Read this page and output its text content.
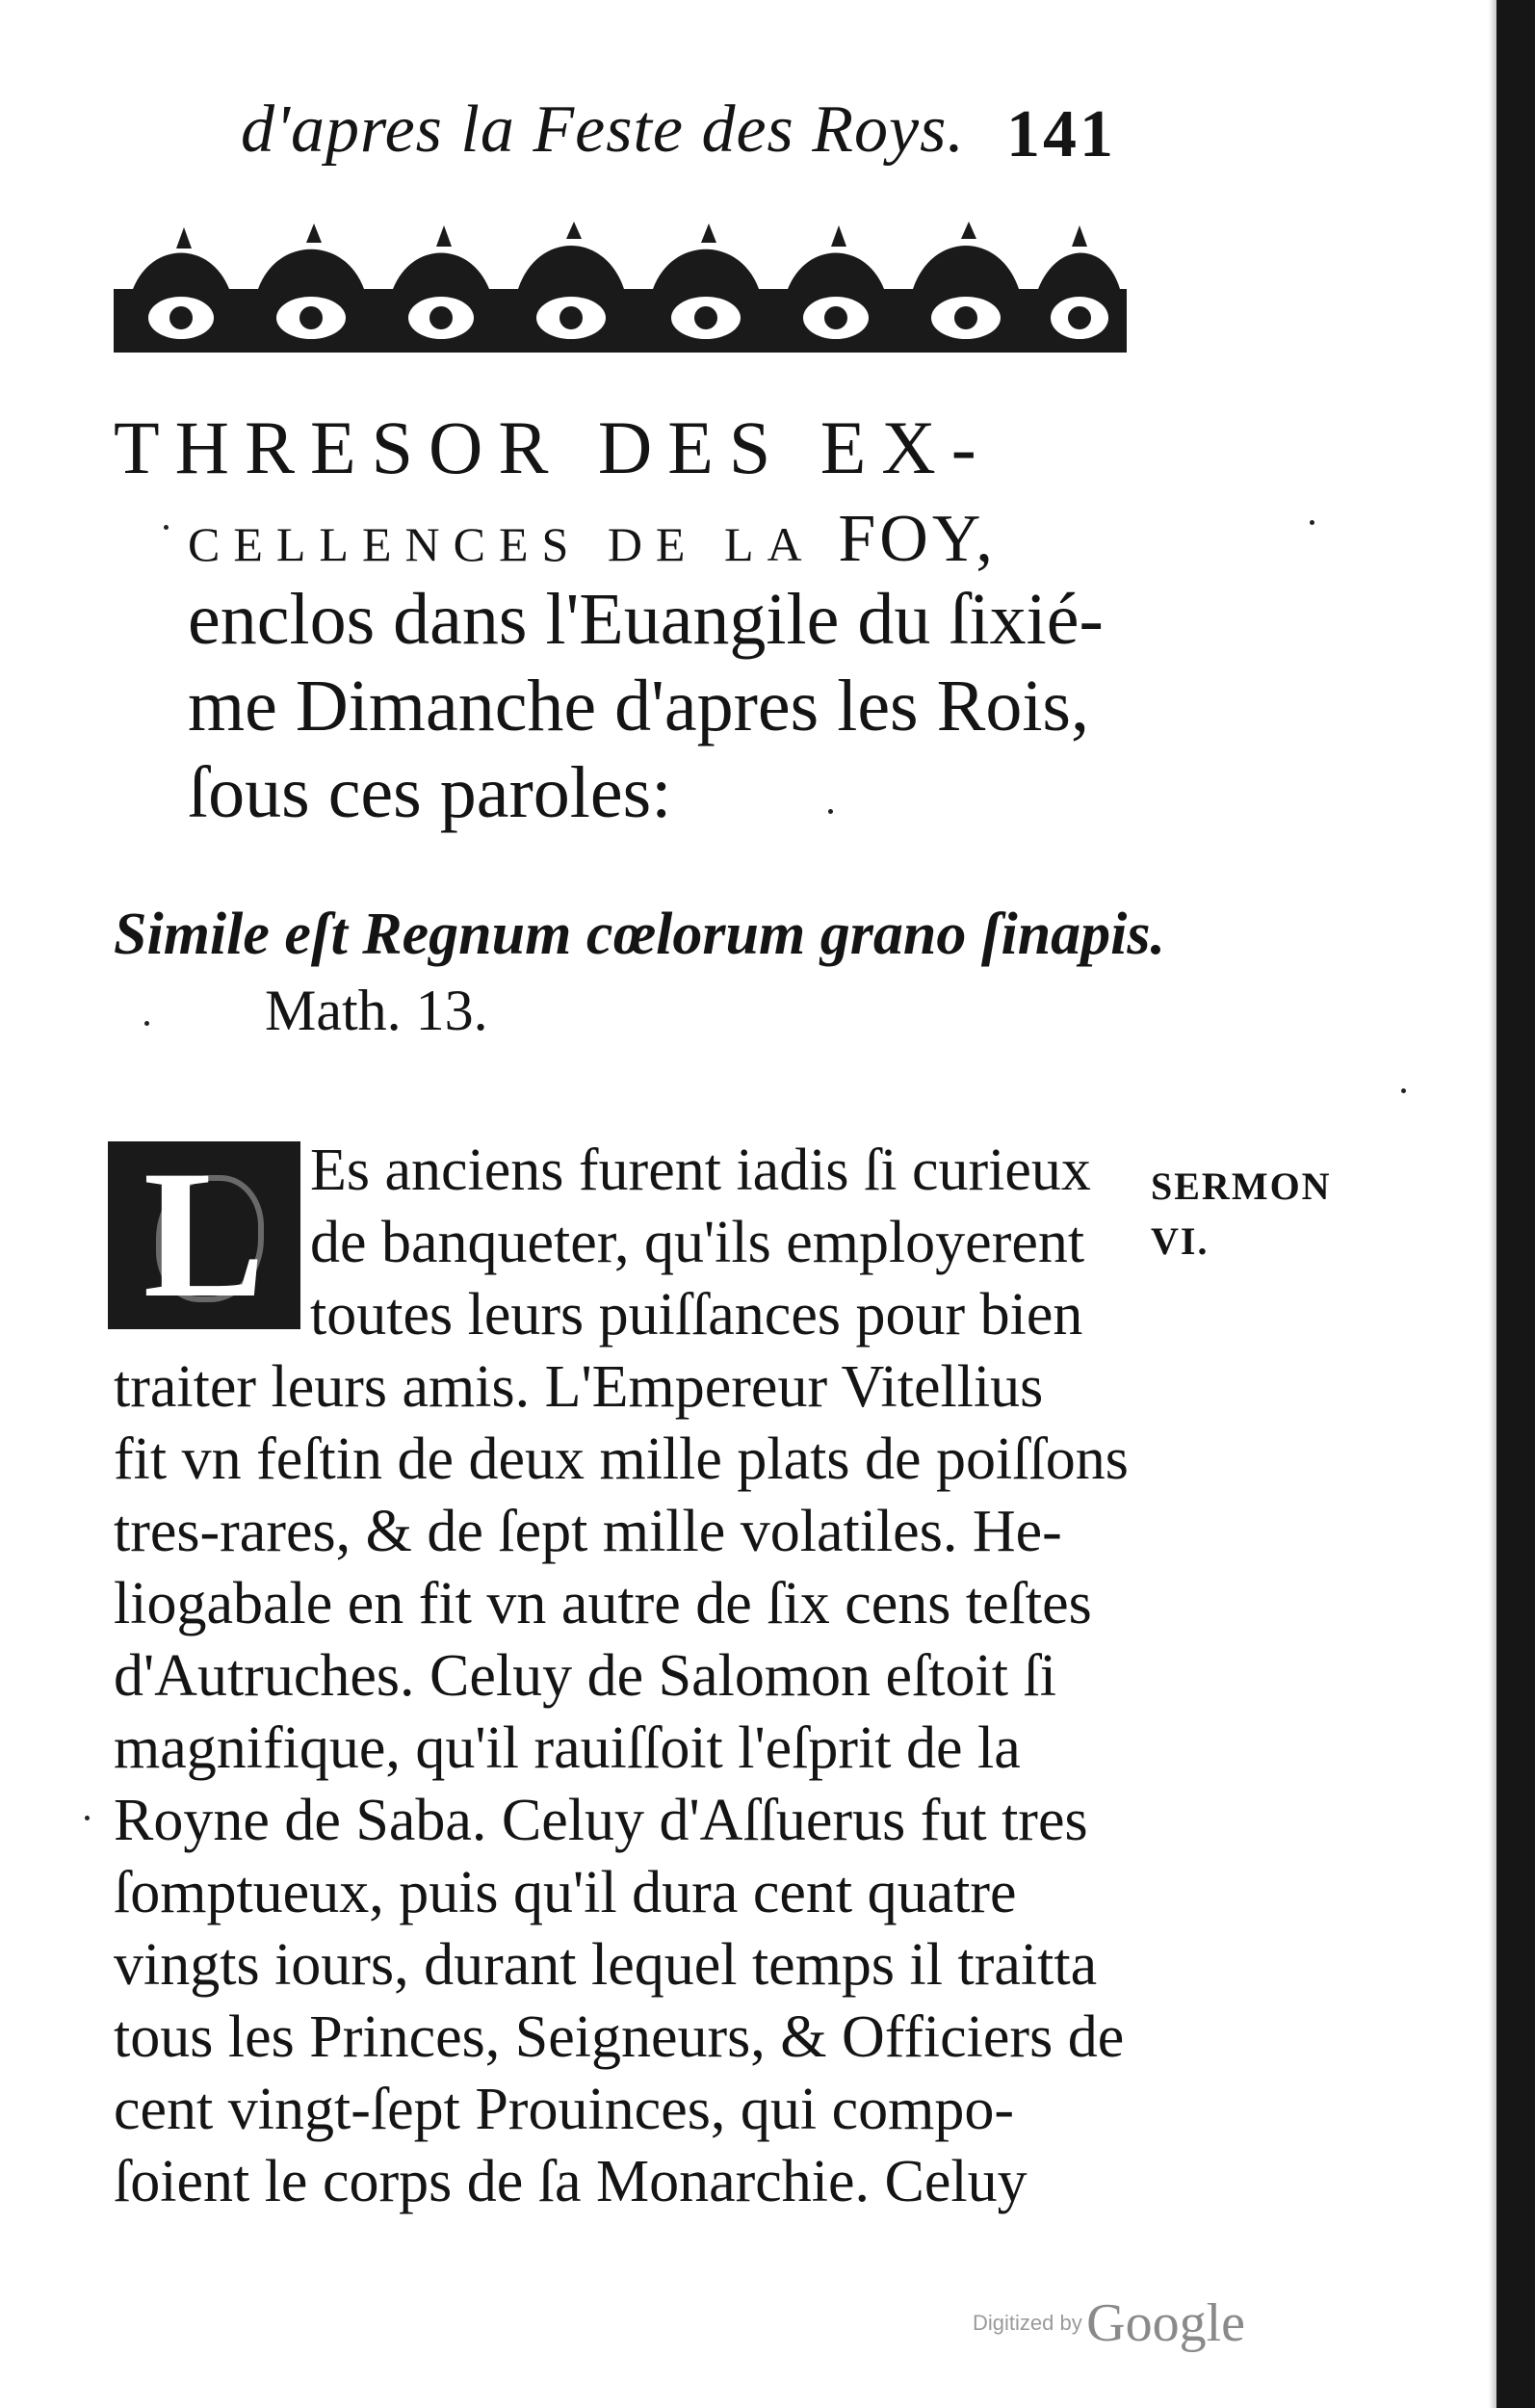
d'apres la Feste des Roys. 141
THRESOR DES EX-
CELLENCES DE LA FOY,
enclos dans l'Euangile du ſixié-
me Dimanche d'apres les Rois,
ſous ces paroles:
Simile eſt Regnum cœlorum grano ſinapis.
Math. 13.
L	SERMON
VI.
Es anciens furent iadis ſi curieux
de banqueter, qu'ils employerent
toutes leurs puiſſances pour bien
traiter leurs amis. L'Empereur Vitellius
fit vn feſtin de deux mille plats de poiſſons
tres-rares, & de ſept mille volatiles. He-
liogabale en fit vn autre de ſix cens teſtes
d'Autruches. Celuy de Salomon eſtoit ſi
magnifique, qu'il rauiſſoit l'eſprit de la
Royne de Saba. Celuy d'Aſſuerus fut tres
ſomptueux, puis qu'il dura cent quatre
vingts iours, durant lequel temps il traitta
tous les Princes, Seigneurs, & Officiers de
cent vingt-ſept Prouinces, qui compo-
ſoient le corps de ſa Monarchie. Celuy
Digitized by Google
